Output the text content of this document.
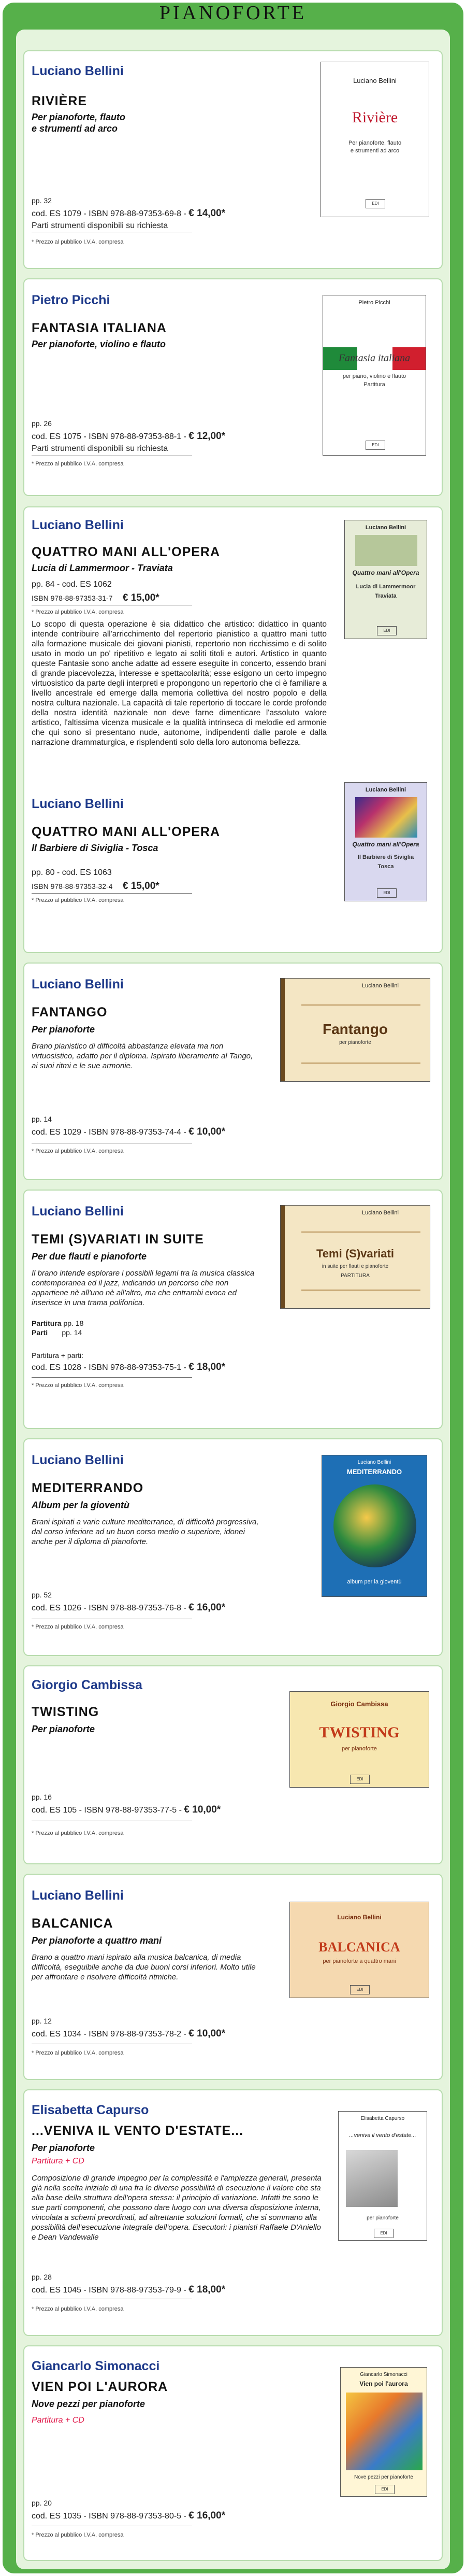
PIANOFORTE
Luciano Bellini
RIVIÈRE
Per pianoforte, flauto
e strumenti ad arco
pp. 32
cod. ES 1079 - ISBN 978-88-97353-69-8 - € 14,00*
Parti strumenti disponibili su richiesta
* Prezzo al pubblico I.V.A. compresa
Luciano Bellini
Rivière
Per pianoforte, flauto
e strumenti ad arco
EDI
Pietro Picchi
FANTASIA ITALIANA
Per pianoforte, violino e flauto
pp. 26
cod. ES 1075 - ISBN 978-88-97353-88-1 - € 12,00*
Parti strumenti disponibili su richiesta
* Prezzo al pubblico I.V.A. compresa
Pietro Picchi
Fantasia italiana
per piano, violino e flauto
Partitura
EDI
Luciano Bellini
QUATTRO MANI ALL'OPERA
Lucia di Lammermoor - Traviata
pp. 84 - cod. ES 1062
ISBN 978-88-97353-31-7 € 15,00*
* Prezzo al pubblico I.V.A. compresa
Lo scopo di questa operazione è sia didattico che artistico: didattico in quanto intende contribuire all'arricchimento del repertorio pianistico a quattro mani tutto alla formazione musicale dei giovani pianisti, repertorio non ricchissimo e di solito usato in modo un po' ripetitivo e legato ai soliti titoli e autori. Artistico in quanto queste Fantasie sono anche adatte ad essere eseguite in concerto, essendo brani di grande piacevolezza, interesse e spettacolarità; esse esigono un certo impegno virtuosistico da parte degli interpreti e propongono un repertorio che ci è familiare a livello ancestrale ed emerge dalla memoria collettiva del nostro popolo e della nostra cultura nazionale. La capacità di tale repertorio di toccare le corde profonde della nostra identità nazionale non deve farne dimenticare l'assoluto valore artistico, l'altissima vicenza musicale e la qualità intrinseca di melodie ed armonie che qui sono si presentano nude, autonome, indipendenti dalle parole e dalla narrazione drammaturgica, e risplendenti solo della loro autonoma bellezza.
Luciano Bellini
QUATTRO MANI ALL'OPERA
Il Barbiere di Siviglia - Tosca
pp. 80 - cod. ES 1063
ISBN 978-88-97353-32-4 € 15,00*
* Prezzo al pubblico I.V.A. compresa
Luciano Bellini
Quattro mani all'Opera
Lucia di Lammermoor
Traviata
EDI
Luciano Bellini
Quattro mani all'Opera
Il Barbiere di Siviglia
Tosca
EDI
Luciano Bellini
FANTANGO
Per pianoforte
Brano pianistico di difficoltà abbastanza elevata ma non virtuosistico, adatto per il diploma. Ispirato liberamente al Tango, ai suoi ritmi e le sue armonie.
pp. 14
cod. ES 1029 - ISBN 978-88-97353-74-4 - € 10,00*
* Prezzo al pubblico I.V.A. compresa
Luciano Bellini
Fantango
per pianoforte
Luciano Bellini
TEMI (S)VARIATI IN SUITE
Per due flauti e pianoforte
Il brano intende esplorare i possibili legami tra la musica classica contemporanea ed il jazz, indicando un percorso che non appartiene nè all'uno nè all'altro, ma che entrambi evoca ed inserisce in una trama polifonica.
Partitura pp. 18
Parti pp. 14
Partitura + parti:
cod. ES 1028 - ISBN 978-88-97353-75-1 - € 18,00*
* Prezzo al pubblico I.V.A. compresa
Luciano Bellini
Temi (S)variati
in suite per flauti e pianoforte
PARTITURA
Luciano Bellini
MEDITERRANDO
Album per la gioventù
Brani ispirati a varie culture mediterranee, di difficoltà progressiva, dal corso inferiore ad un buon corso medio o superiore, idonei anche per il diploma di pianoforte.
pp. 52
cod. ES 1026 - ISBN 978-88-97353-76-8 - € 16,00*
* Prezzo al pubblico I.V.A. compresa
Luciano Bellini
MEDITERRANDO
album per la gioventù
Giorgio Cambissa
TWISTING
Per pianoforte
pp. 16
cod. ES 105 - ISBN 978-88-97353-77-5 - € 10,00*
* Prezzo al pubblico I.V.A. compresa
Giorgio Cambissa
TWISTING
per pianoforte
EDI
Luciano Bellini
BALCANICA
Per pianoforte a quattro mani
Brano a quattro mani ispirato alla musica balcanica, di media difficoltà, eseguibile anche da due buoni corsi inferiori. Molto utile per affrontare e risolvere difficoltà ritmiche.
pp. 12
cod. ES 1034 - ISBN 978-88-97353-78-2 - € 10,00*
* Prezzo al pubblico I.V.A. compresa
Luciano Bellini
BALCANICA
per pianoforte a quattro mani
EDI
Elisabetta Capurso
...VENIVA IL VENTO D'ESTATE...
Per pianoforte
Partitura + CD
Composizione di grande impegno per la complessità e l'ampiezza generali, presenta già nella scelta iniziale di una fra le diverse possibilità di esecuzione il valore che sta alla base della struttura dell'opera stessa: il principio di variazione. Infatti tre sono le sue parti componenti, che possono dare luogo con una diversa disposizione interna, vincolata a schemi preordinati, ad altrettante soluzioni formali, che si sommano alla possibilità dell'esecuzione integrale dell'opera. Esecutori: i pianisti Raffaele D'Aniello e Dean Vandewalle
pp. 28
cod. ES 1045 - ISBN 978-88-97353-79-9 - € 18,00*
* Prezzo al pubblico I.V.A. compresa
Elisabetta Capurso
...veniva il vento d'estate...
per pianoforte
EDI
Giancarlo Simonacci
VIEN POI L'AURORA
Nove pezzi per pianoforte
Partitura + CD
pp. 20
cod. ES 1035 - ISBN 978-88-97353-80-5 - € 16,00*
* Prezzo al pubblico I.V.A. compresa
Giancarlo Simonacci
Vien poi l'aurora
Nove pezzi per pianoforte
EDI
